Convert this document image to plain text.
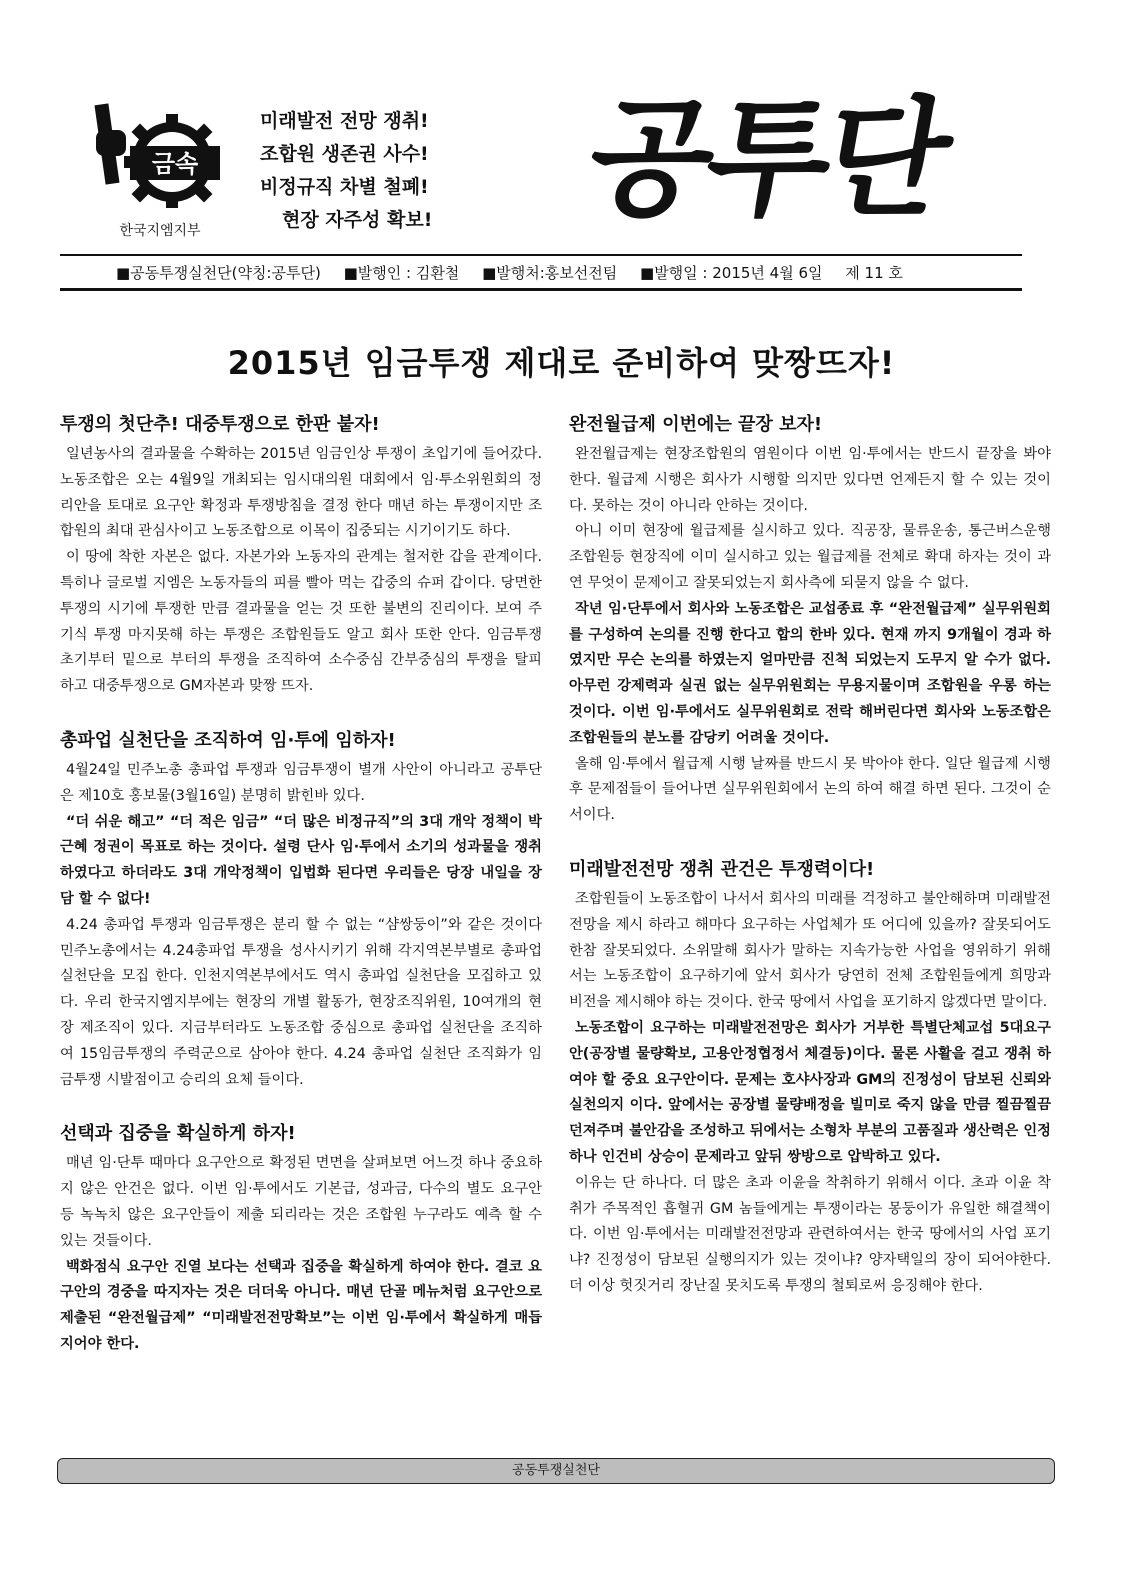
금속
한국지엠지부
미래발전 전망 쟁취!
조합원 생존권 사수!
비정규직 차별 철폐!
현장 자주성 확보!	공투단
■공동투쟁실천단(약칭:공투단) ■발행인 : 김환철 ■발행처:홍보선전팀 ■발행일 : 2015년 4월 6일 제 11 호
2015년 임금투쟁 제대로 준비하여 맞짱뜨자!
투쟁의 첫단추! 대중투쟁으로 한판 붙자!

일년농사의 결과물을 수확하는 2015년 임금인상 투쟁이 초입기에 들어갔다. 노동조합은 오는 4월9일 개최되는 임시대의원 대회에서 임·투소위원회의 정리안을 토대로 요구안 확정과 투쟁방침을 결정 한다 매년 하는 투쟁이지만 조합원의 최대 관심사이고 노동조합으로 이목이 집중되는 시기이기도 하다.

이 땅에 착한 자본은 없다. 자본가와 노동자의 관계는 철저한 갑을 관계이다. 특히나 글로벌 지엠은 노동자들의 피를 빨아 먹는 갑중의 슈퍼 갑이다. 당면한 투쟁의 시기에 투쟁한 만큼 결과물을 얻는 것 또한 불변의 진리이다. 보여 주기식 투쟁 마지못해 하는 투쟁은 조합원들도 알고 회사 또한 안다. 임금투쟁 초기부터 밑으로 부터의 투쟁을 조직하여 소수중심 간부중심의 투쟁을 탈피 하고 대중투쟁으로 GM자본과 맞짱 뜨자.

총파업 실천단을 조직하여 임·투에 임하자!

4월24일 민주노총 총파업 투쟁과 임금투쟁이 별개 사안이 아니라고 공투단은 제10호 홍보물(3월16일) 분명히 밝힌바 있다.

“더 쉬운 해고” “더 적은 임금” “더 많은 비정규직”의 3대 개악 정책이 박근혜 정권이 목표로 하는 것이다. 설령 단사 임·투에서 소기의 성과물을 쟁취 하였다고 하더라도 3대 개악정책이 입법화 된다면 우리들은 당장 내일을 장담 할 수 없다!

4.24 총파업 투쟁과 임금투쟁은 분리 할 수 없는 “샴쌍둥이”와 같은 것이다 민주노총에서는 4.24총파업 투쟁을 성사시키기 위해 각지역본부별로 총파업 실천단을 모집 한다. 인천지역본부에서도 역시 총파업 실천단을 모집하고 있다. 우리 한국지엠지부에는 현장의 개별 활동가, 현장조직위원, 10여개의 현장 제조직이 있다. 지금부터라도 노동조합 중심으로 총파업 실천단을 조직하여 15임금투쟁의 주력군으로 삼아야 한다. 4.24 총파업 실천단 조직화가 임금투쟁 시발점이고 승리의 요체 들이다.

선택과 집중을 확실하게 하자!

매년 임·단투 때마다 요구안으로 확정된 면면을 살펴보면 어느것 하나 중요하지 않은 안건은 없다. 이번 임·투에서도 기본급, 성과금, 다수의 별도 요구안 등 녹녹치 않은 요구안들이 제출 되리라는 것은 조합원 누구라도 예측 할 수 있는 것들이다.

백화점식 요구안 진열 보다는 선택과 집중을 확실하게 하여야 한다. 결코 요구안의 경중을 따지자는 것은 더더욱 아니다. 매년 단골 메뉴처럼 요구안으로 제출된 “완전월급제” “미래발전전망확보”는 이번 임·투에서 확실하게 매듭 지어야 한다.

완전월급제 이번에는 끝장 보자!

완전월급제는 현장조합원의 염원이다 이번 임·투에서는 반드시 끝장을 봐야한다. 월급제 시행은 회사가 시행할 의지만 있다면 언제든지 할 수 있는 것이다. 못하는 것이 아니라 안하는 것이다.

아니 이미 현장에 월급제를 실시하고 있다. 직공장, 물류운송, 통근버스운행 조합원등 현장직에 이미 실시하고 있는 월급제를 전체로 확대 하자는 것이 과연 무엇이 문제이고 잘못되었는지 회사측에 되묻지 않을 수 없다.

작년 임·단투에서 회사와 노동조합은 교섭종료 후 “완전월급제” 실무위원회를 구성하여 논의를 진행 한다고 합의 한바 있다. 현재 까지 9개월이 경과 하였지만 무슨 논의를 하였는지 얼마만큼 진척 되었는지 도무지 알 수가 없다. 아무런 강제력과 실권 없는 실무위원회는 무용지물이며 조합원을 우롱 하는 것이다. 이번 임·투에서도 실무위원회로 전락 해버린다면 회사와 노동조합은 조합원들의 분노를 감당키 어려울 것이다.

올해 임·투에서 월급제 시행 날짜를 반드시 못 박아야 한다. 일단 월급제 시행 후 문제점들이 들어나면 실무위원회에서 논의 하여 해결 하면 된다. 그것이 순서이다.

미래발전전망 쟁취 관건은 투쟁력이다!

조합원들이 노동조합이 나서서 회사의 미래를 걱정하고 불안해하며 미래발전전망을 제시 하라고 해마다 요구하는 사업체가 또 어디에 있을까? 잘못되어도 한참 잘못되었다. 소위말해 회사가 말하는 지속가능한 사업을 영위하기 위해서는 노동조합이 요구하기에 앞서 회사가 당연히 전체 조합원들에게 희망과 비전을 제시해야 하는 것이다. 한국 땅에서 사업을 포기하지 않겠다면 말이다.

노동조합이 요구하는 미래발전전망은 회사가 거부한 특별단체교섭 5대요구안(공장별 물량확보, 고용안정협정서 체결등)이다. 물론 사활을 걸고 쟁취 하여야 할 중요 요구안이다. 문제는 호샤사장과 GM의 진정성이 담보된 신뢰와 실천의지 이다. 앞에서는 공장별 물량배정을 빌미로 죽지 않을 만큼 찔끔찔끔 던져주며 불안감을 조성하고 뒤에서는 소형차 부분의 고품질과 생산력은 인정하나 인건비 상승이 문제라고 앞뒤 쌍방으로 압박하고 있다.

이유는 단 하나다. 더 많은 초과 이윤을 착취하기 위해서 이다. 초과 이윤 착취가 주목적인 흡혈귀 GM 놈들에게는 투쟁이라는 몽둥이가 유일한 해결책이다. 이번 임·투에서는 미래발전전망과 관련하여서는 한국 땅에서의 사업 포기냐? 진정성이 담보된 실행의지가 있는 것이냐? 양자택일의 장이 되어야한다. 더 이상 헛짓거리 장난질 못치도록 투쟁의 철퇴로써 응징해야 한다.

공동투쟁실천단
